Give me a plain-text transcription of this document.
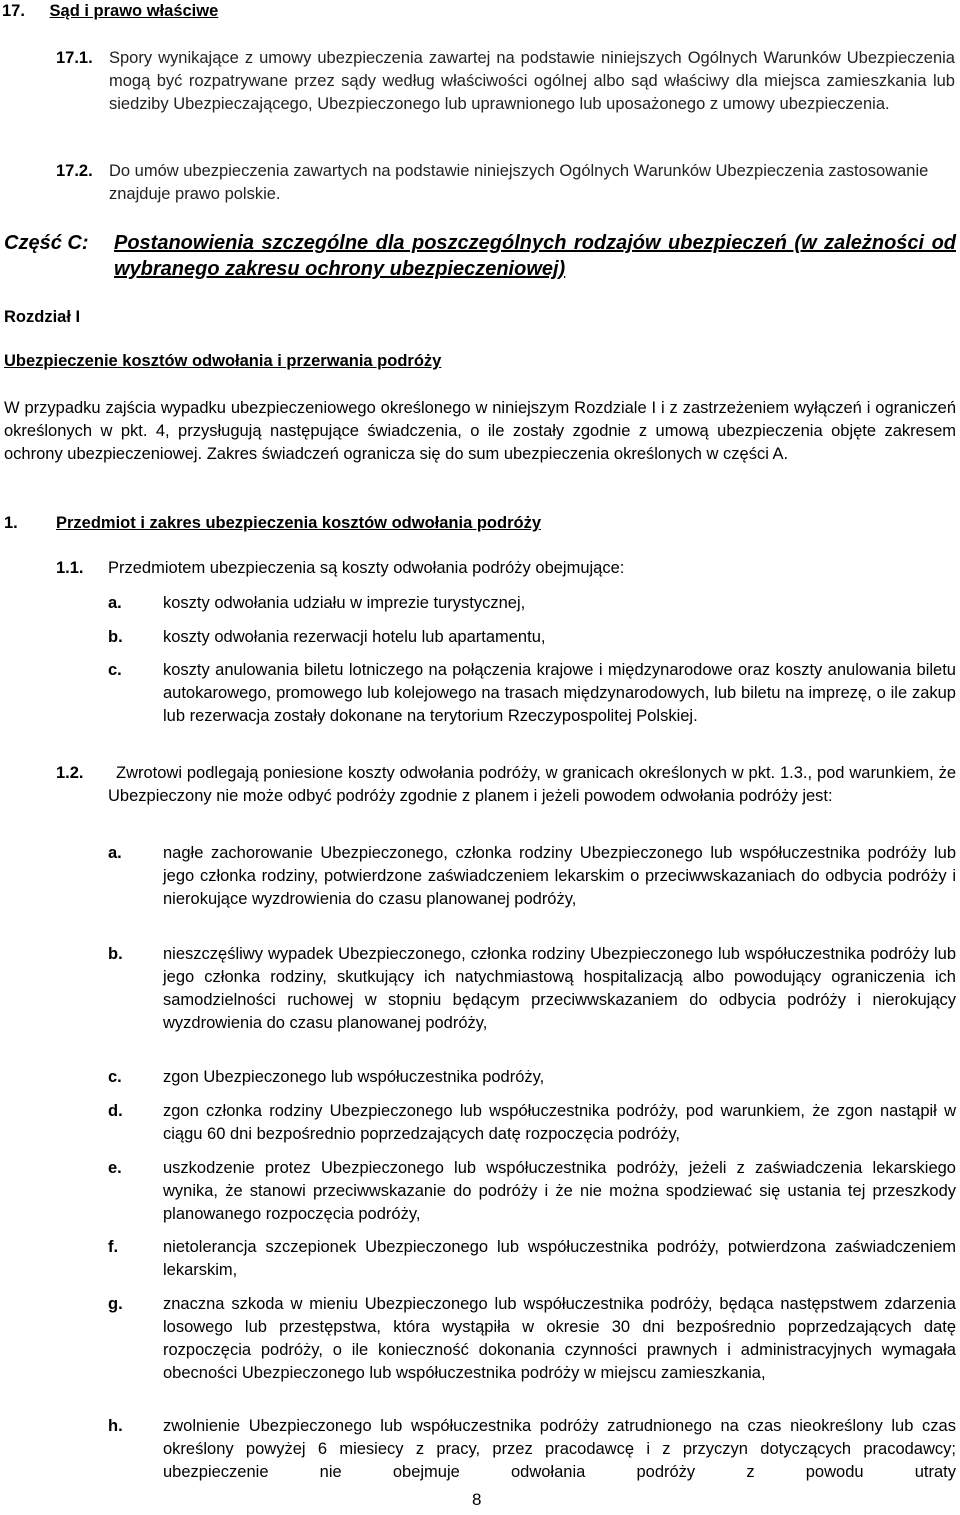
17. Sąd i prawo właściwe
17.1. Spory wynikające z umowy ubezpieczenia zawartej na podstawie niniejszych Ogólnych Warunków Ubezpieczenia mogą być rozpatrywane przez sądy według właściwości ogólnej albo sąd właściwy dla miejsca zamieszkania lub siedziby Ubezpieczającego, Ubezpieczonego lub uprawnionego lub uposażonego z umowy ubezpieczenia.
17.2. Do umów ubezpieczenia zawartych na podstawie niniejszych Ogólnych Warunków Ubezpieczenia zastosowanie znajduje prawo polskie.
Część C: Postanowienia szczególne dla poszczególnych rodzajów ubezpieczeń (w zależności od wybranego zakresu ochrony ubezpieczeniowej)
Rozdział I
Ubezpieczenie kosztów odwołania i przerwania podróży
W przypadku zajścia wypadku ubezpieczeniowego określonego w niniejszym Rozdziale I i z zastrzeżeniem wyłączeń i ograniczeń określonych w pkt. 4, przysługują następujące świadczenia, o ile zostały zgodnie z umową ubezpieczenia objęte zakresem ochrony ubezpieczeniowej. Zakres świadczeń ogranicza się do sum ubezpieczenia określonych w części A.
1. Przedmiot i zakres ubezpieczenia kosztów odwołania podróży
1.1. Przedmiotem ubezpieczenia są koszty odwołania podróży obejmujące:
a. koszty odwołania udziału w imprezie turystycznej,
b. koszty odwołania rezerwacji hotelu lub apartamentu,
c. koszty anulowania biletu lotniczego na połączenia krajowe i międzynarodowe oraz koszty anulowania biletu autokarowego, promowego lub kolejowego na trasach międzynarodowych, lub biletu na imprezę, o ile zakup lub rezerwacja zostały dokonane na terytorium Rzeczypospolitej Polskiej.
1.2.	Zwrotowi podlegają poniesione koszty odwołania podróży, w granicach określonych w pkt. 1.3., pod warunkiem, że Ubezpieczony nie może odbyć podróży zgodnie z planem i jeżeli powodem odwołania podróży jest:
a. nagłe zachorowanie Ubezpieczonego, członka rodziny Ubezpieczonego lub współuczestnika podróży lub jego członka rodziny, potwierdzone zaświadczeniem lekarskim o przeciwwskazaniach do odbycia podróży i nierokujące wyzdrowienia do czasu planowanej podróży,
b. nieszczęśliwy wypadek Ubezpieczonego, członka rodziny Ubezpieczonego lub współuczestnika podróży lub jego członka rodziny, skutkujący ich natychmiastową hospitalizacją albo powodujący ograniczenia ich samodzielności ruchowej w stopniu będącym przeciwwskazaniem do odbycia podróży i nierokujący wyzdrowienia do czasu planowanej podróży,
c. zgon Ubezpieczonego lub współuczestnika podróży,
d. zgon członka rodziny Ubezpieczonego lub współuczestnika podróży, pod warunkiem, że zgon nastąpił w ciągu 60 dni bezpośrednio poprzedzających datę rozpoczęcia podróży,
e. uszkodzenie protez Ubezpieczonego lub współuczestnika podróży, jeżeli z zaświadczenia lekarskiego wynika, że stanowi przeciwwskazanie do podróży i że nie można spodziewać się ustania tej przeszkody planowanego rozpoczęcia podróży,
f.	nietolerancja szczepionek Ubezpieczonego lub współuczestnika podróży, potwierdzona zaświadczeniem lekarskim,
g. znaczna szkoda w mieniu Ubezpieczonego lub współuczestnika podróży, będąca następstwem zdarzenia losowego lub przestępstwa, która wystąpiła w okresie 30 dni bezpośrednio poprzedzających datę rozpoczęcia podróży, o ile konieczność dokonania czynności prawnych i administracyjnych wymagała obecności Ubezpieczonego lub współuczestnika podróży w miejscu zamieszkania,
h. zwolnienie Ubezpieczonego lub współuczestnika podróży zatrudnionego na czas nieokreślony lub czas określony powyżej 6 miesiecy z pracy, przez pracodawcę i z przyczyn dotyczących pracodawcy; ubezpieczenie nie obejmuje odwołania podróży z powodu utraty
8
